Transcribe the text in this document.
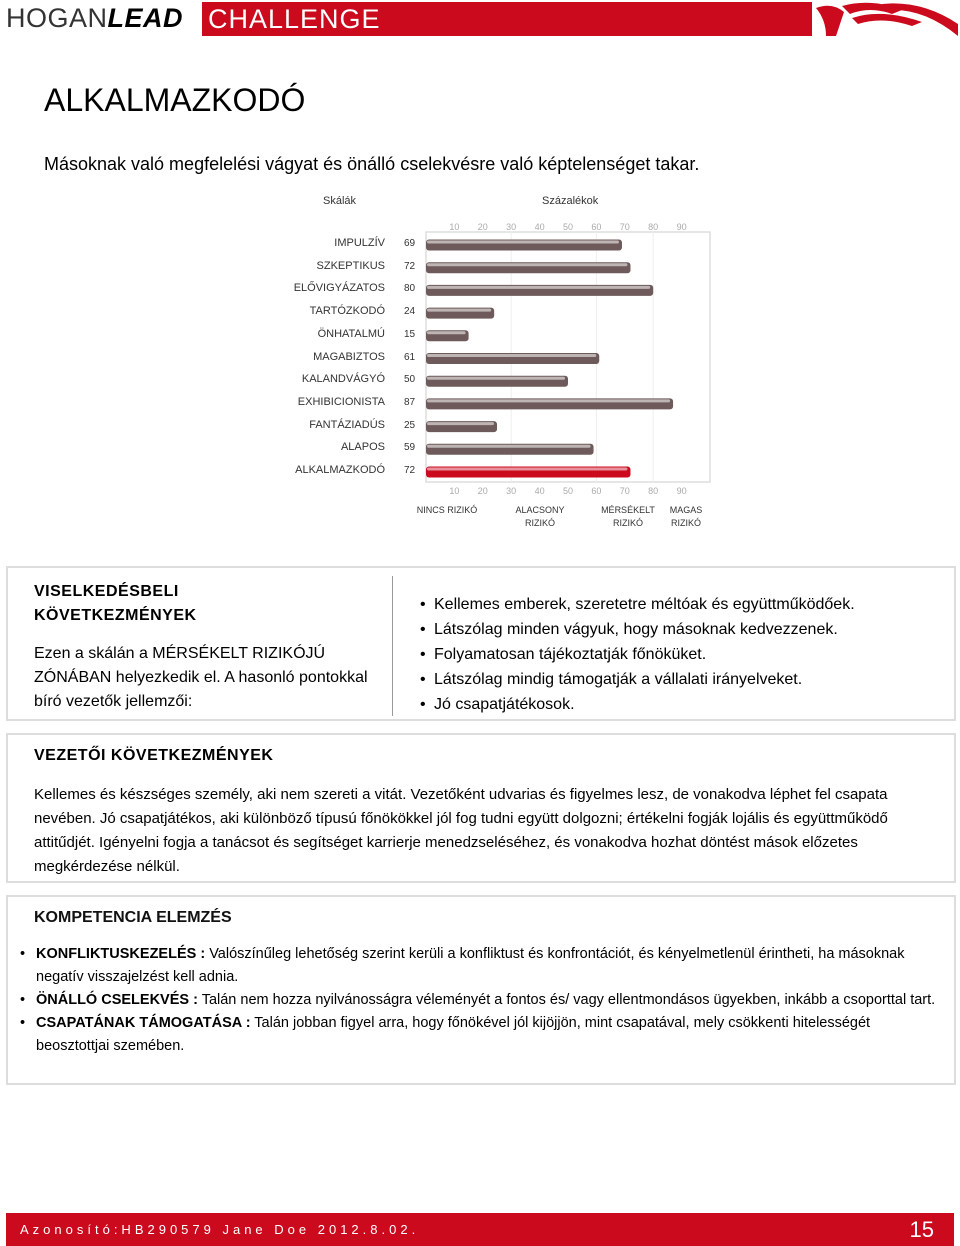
HOGANLEAD CHALLENGE
ALKALMAZKODÓ
Másoknak való megfelelési vágyat és önálló cselekvésre való képtelenséget takar.
Skálák	Százalékok
IMPULZÍV 69
SZKEPTIKUS 72
ELŐVIGYÁZATOS 80
TARTÓZKODÓ 24
ÖNHATALMÚ 15
MAGABIZTOS 61
KALANDVÁGYÓ 50
EXHIBICIONISTA 87
FANTÁZIADÚS 25
ALAPOS 59
ALKALMAZKODÓ 72
10	20	30	40	50	60	70	80	90
10	20	30	40	50	60	70	80	90
NINCS RIZIKÓ	ALACSONY RIZIKÓ
MÉRSÉKELT RIZIKÓ
MAGAS RIZIKÓ
VISELKEDÉSBELI
KÖVETKEZMÉNYEK
Ezen a skálán a MÉRSÉKELT RIZIKÓJÚ ZÓNÁBAN helyezkedik el. A hasonló pontokkal bíró vezetők jellemzői:
• Kellemes emberek, szeretetre méltóak és együttműködőek.
• Látszólag minden vágyuk, hogy másoknak kedvezzenek.
• Folyamatosan tájékoztatják főnöküket.
• Látszólag mindig támogatják a vállalati irányelveket.
• Jó csapatjátékosok.
VEZETŐI KÖVETKEZMÉNYEK
Kellemes és készséges személy, aki nem szereti a vitát. Vezetőként udvarias és figyelmes lesz, de vonakodva léphet fel csapata nevében. Jó csapatjátékos, aki különböző típusú főnökökkel jól fog tudni együtt dolgozni; értékelni fogják lojális és együttműködő attitűdjét. Igényelni fogja a tanácsot és segítséget karrierje menedzseléséhez, és vonakodva hozhat döntést mások előzetes megkérdezése nélkül.
KOMPETENCIA ELEMZÉS
• KONFLIKTUSKEZELÉS : Valószínűleg lehetőség szerint kerüli a konfliktust és konfrontációt, és kényelmetlenül érintheti, ha másoknak negatív visszajelzést kell adnia.
• ÖNÁLLÓ CSELEKVÉS : Talán nem hozza nyilvánosságra véleményét a fontos és/ vagy ellentmondásos ügyekben, inkább a csoporttal tart.
• CSAPATÁNAK TÁMOGATÁSA : Talán jobban figyel arra, hogy főnökével jól kijöjjön, mint csapatával, mely csökkenti hitelességét beosztottjai szemében.
Azonosító:HB290579 Jane Doe 2012.8.02.	15
